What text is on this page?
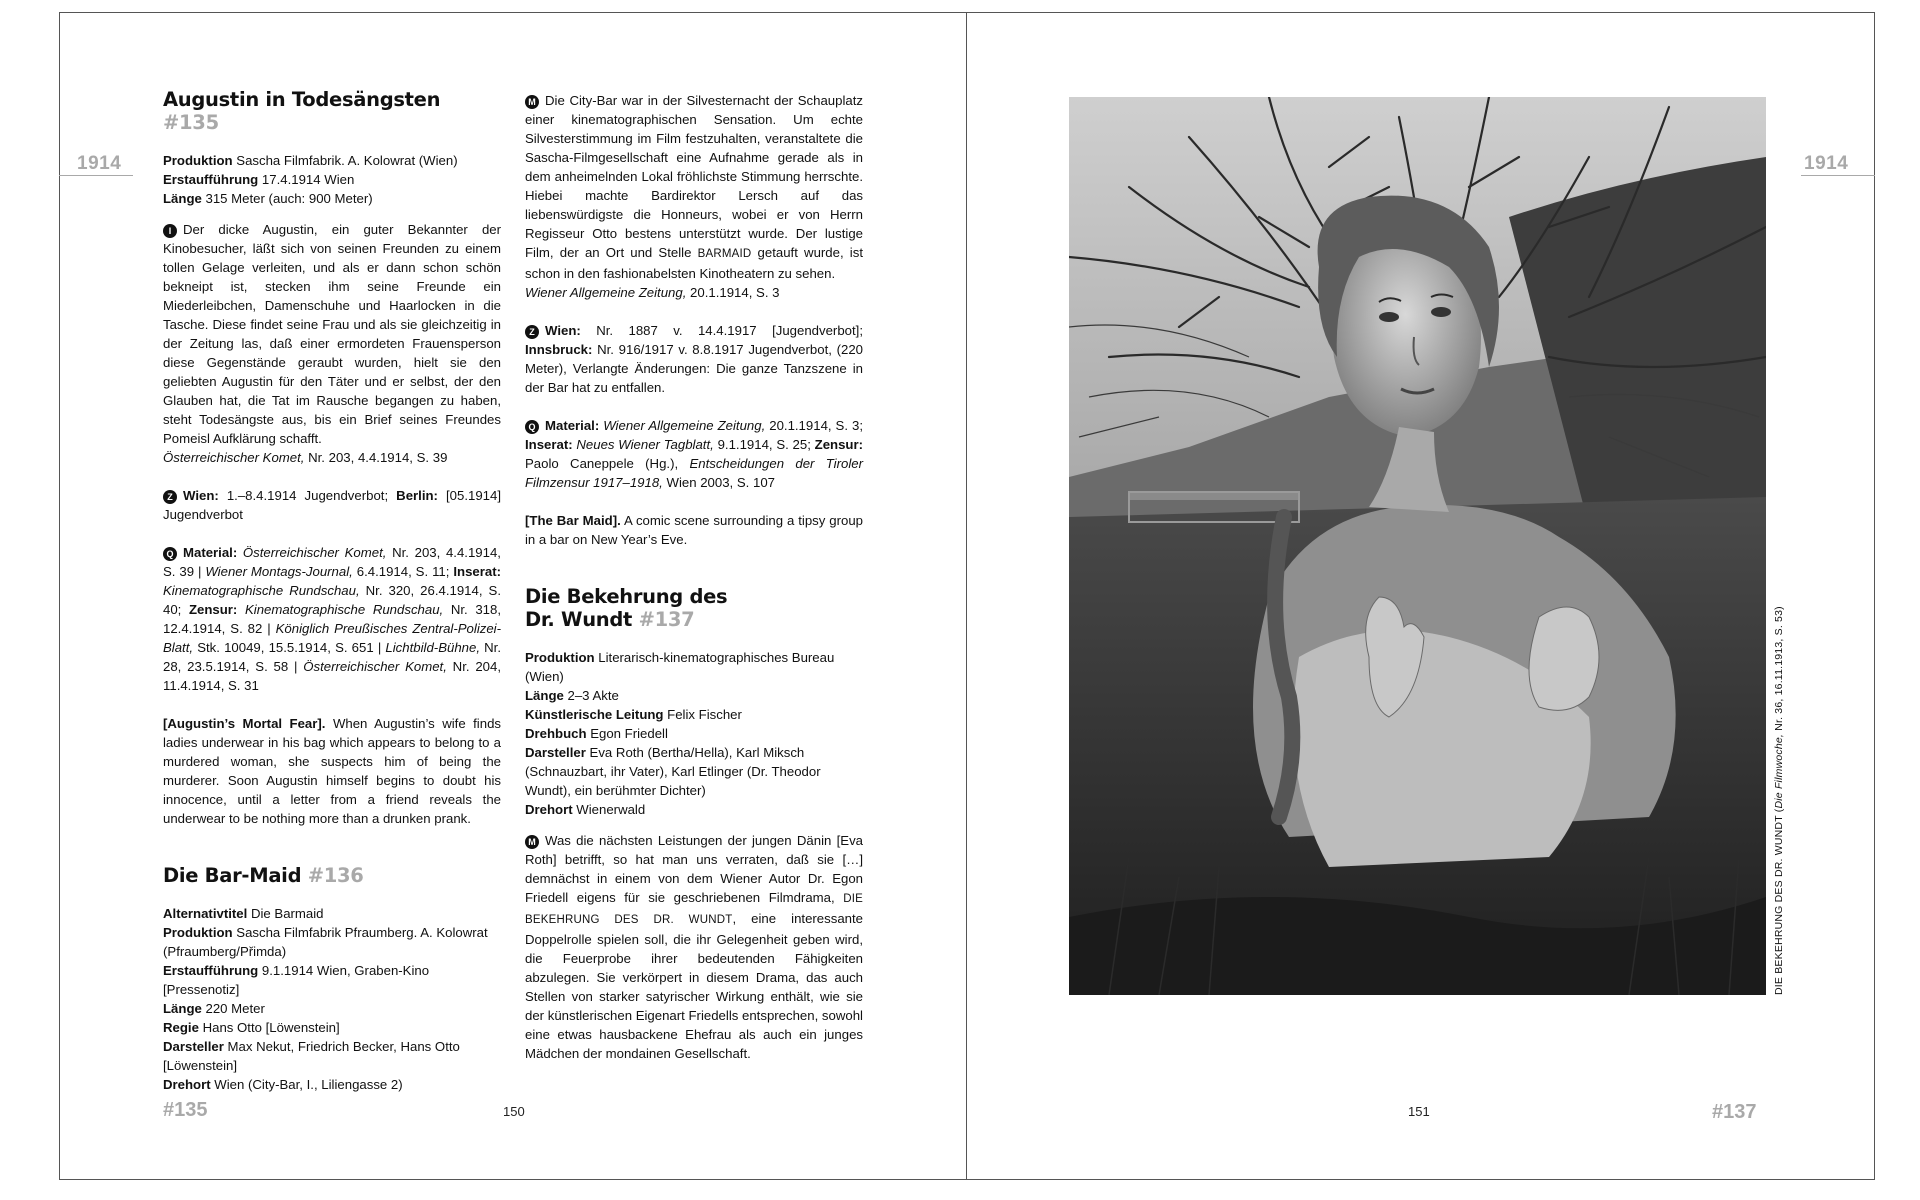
1914	1914
Augustin in Todesängsten #135
Produktion Sascha Filmfabrik. A. Kolowrat (Wien)
Erstaufführung 17.4.1914 Wien
Länge 315 Meter (auch: 900 Meter)

I Der dicke Augustin, ein guter Bekannter der Kinobesucher, läßt sich von seinen Freunden zu einem tollen Gelage verleiten, und als er dann schon schön bekneipt ist, stecken ihm seine Freunde ein Miederleibchen, Damenschuhe und Haarlocken in die Tasche. Diese findet seine Frau und als sie gleichzeitig in der Zeitung las, daß einer ermordeten Frauensperson diese Gegenstände geraubt wurden, hielt sie den geliebten Augustin für den Täter und er selbst, der den Glauben hat, die Tat im Rausche begangen zu haben, steht Todesängste aus, bis ein Brief seines Freundes Pomeisl Aufklärung schafft.
Österreichischer Komet, Nr. 203, 4.4.1914, S. 39

Z Wien: 1.–8.4.1914 Jugendverbot; Berlin: [05.1914] Jugendverbot

Q Material: Österreichischer Komet, Nr. 203, 4.4.1914, S. 39 | Wiener Montags-Journal, 6.4.1914, S. 11; Inserat: Kinematographische Rundschau, Nr. 320, 26.4.1914, S. 40; Zensur: Kinematographische Rundschau, Nr. 318, 12.4.1914, S. 82 | Königlich Preußisches Zentral-Polizei-Blatt, Stk. 10049, 15.5.1914, S. 651 | Lichtbild-Bühne, Nr. 28, 23.5.1914, S. 58 | Österreichischer Komet, Nr. 204, 11.4.1914, S. 31

[Augustin’s Mortal Fear]. When Augustin’s wife finds ladies underwear in his bag which appears to belong to a murdered woman, she suspects him of being the murderer. Soon Augustin himself begins to doubt his innocence, until a letter from a friend reveals the underwear to be nothing more than a drunken prank.

Die Bar-Maid #136
Alternativtitel Die Barmaid
Produktion Sascha Filmfabrik Pfraumberg. A. Kolowrat (Pfraumberg/Přimda)
Erstaufführung 9.1.1914 Wien, Graben-Kino [Pressenotiz]
Länge 220 Meter
Regie Hans Otto [Löwenstein]
Darsteller Max Nekut, Friedrich Becker, Hans Otto [Löwenstein]
Drehort Wien (City-Bar, I., Liliengasse 2)

M Die City-Bar war in der Silvesternacht der Schauplatz einer kinematographischen Sensation. Um echte Silvesterstimmung im Film festzuhalten, veranstaltete die Sascha-Filmgesellschaft eine Aufnahme gerade als in dem anheimelnden Lokal fröhlichste Stimmung herrschte. Hiebei machte Bardirektor Lersch auf das liebenswürdigste die Honneurs, wobei er von Herrn Regisseur Otto bestens unterstützt wurde. Der lustige Film, der an Ort und Stelle BARMAID getauft wurde, ist schon in den fashionabelsten Kinotheatern zu sehen.

Wiener Allgemeine Zeitung, 20.1.1914, S. 3

Z Wien: Nr. 1887 v. 14.4.1917 [Jugendverbot]; Innsbruck: Nr. 916/1917 v. 8.8.1917 Jugendverbot, (220 Meter), Verlangte Änderungen: Die ganze Tanzszene in der Bar hat zu entfallen.

Q Material: Wiener Allgemeine Zeitung, 20.1.1914, S. 3; Inserat: Neues Wiener Tagblatt, 9.1.1914, S. 25; Zensur: Paolo Caneppele (Hg.), Entscheidungen der Tiroler Filmzensur 1917–1918, Wien 2003, S. 107

[The Bar Maid]. A comic scene surrounding a tipsy group in a bar on New Year’s Eve.

Die Bekehrung des
Dr. Wundt #137
Produktion Literarisch-kinematographisches Bureau (Wien)
Länge 2–3 Akte
Künstlerische Leitung Felix Fischer
Drehbuch Egon Friedell
Darsteller Eva Roth (Bertha/Hella), Karl Miksch (Schnauzbart, ihr Vater), Karl Etlinger (Dr. Theodor Wundt), ein berühmter Dichter)
Drehort Wienerwald

M Was die nächsten Leistungen der jungen Dänin [Eva Roth] betrifft, so hat man uns verraten, daß sie […] demnächst in einem von dem Wiener Autor Dr. Egon Friedell eigens für sie geschriebenen Filmdrama, DIE BEKEHRUNG DES DR. WUNDT, eine interessante Doppelrolle spielen soll, die ihr Gelegenheit geben wird, die Feuerprobe ihrer bedeutenden Fähigkeiten abzulegen. Sie verkörpert in diesem Drama, das auch Stellen von starker satyrischer Wirkung enthält, wie sie der künstlerischen Eigenart Friedells entsprechen, sowohl eine etwas hausbackene Ehefrau als auch ein junges Mädchen der mondainen Gesellschaft.

DIE BEKEHRUNG DES DR. WUNDT (Die Filmwoche, Nr. 36, 16.11.1913, S. 53)
#135	150	151	#137
